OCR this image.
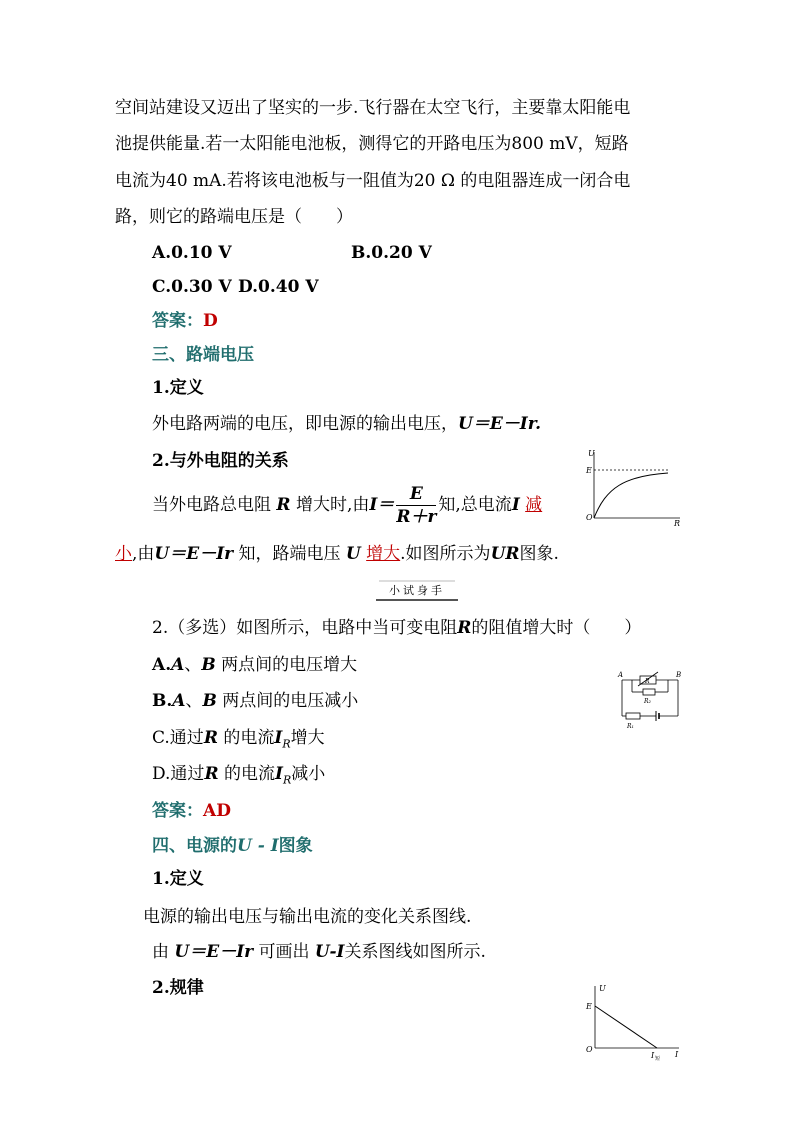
空间站建设又迈出了坚实的一步.飞行器在太空飞行，主要靠太阳能电
池提供能量.若一太阳能电池板，测得它的开路电压为800 mV，短路
电流为40 mA.若将该电池板与一阻值为20 Ω 的电阻器连成一闭合电
路，则它的路端电压是（　　）
A.0.10 V	B.0.20 V
C.0.30 V D.0.40 V
答案：D
三、路端电压
1.定义
外电路两端的电压，即电源的输出电压，U＝E－Ir.
2.与外电阻的关系
当外电路总电阻 R 增大时,由$I= \frac{E}{R+r}$ 知,总电流I 减
小,由U＝E－Ir 知，路端电压 U 增大.如图所示为UR图象.
U
E
O
R
小试身手
2.（多选）如图所示，电路中当可变电阻R的阻值增大时（　　）
A.A、B 两点间的电压增大
B.A、B 两点间的电压减小
C.通过R 的电流$I_R$增大
D.通过R 的电流$I_R$减小
答案：AD
A	B
R
R₂
R₁
四、电源的U - I图象
1.定义
电源的输出电压与输出电流的变化关系图线.
由 U＝E－Ir 可画出 U-I关系图线如图所示.
2.规律	U
E
O
I
I 短
